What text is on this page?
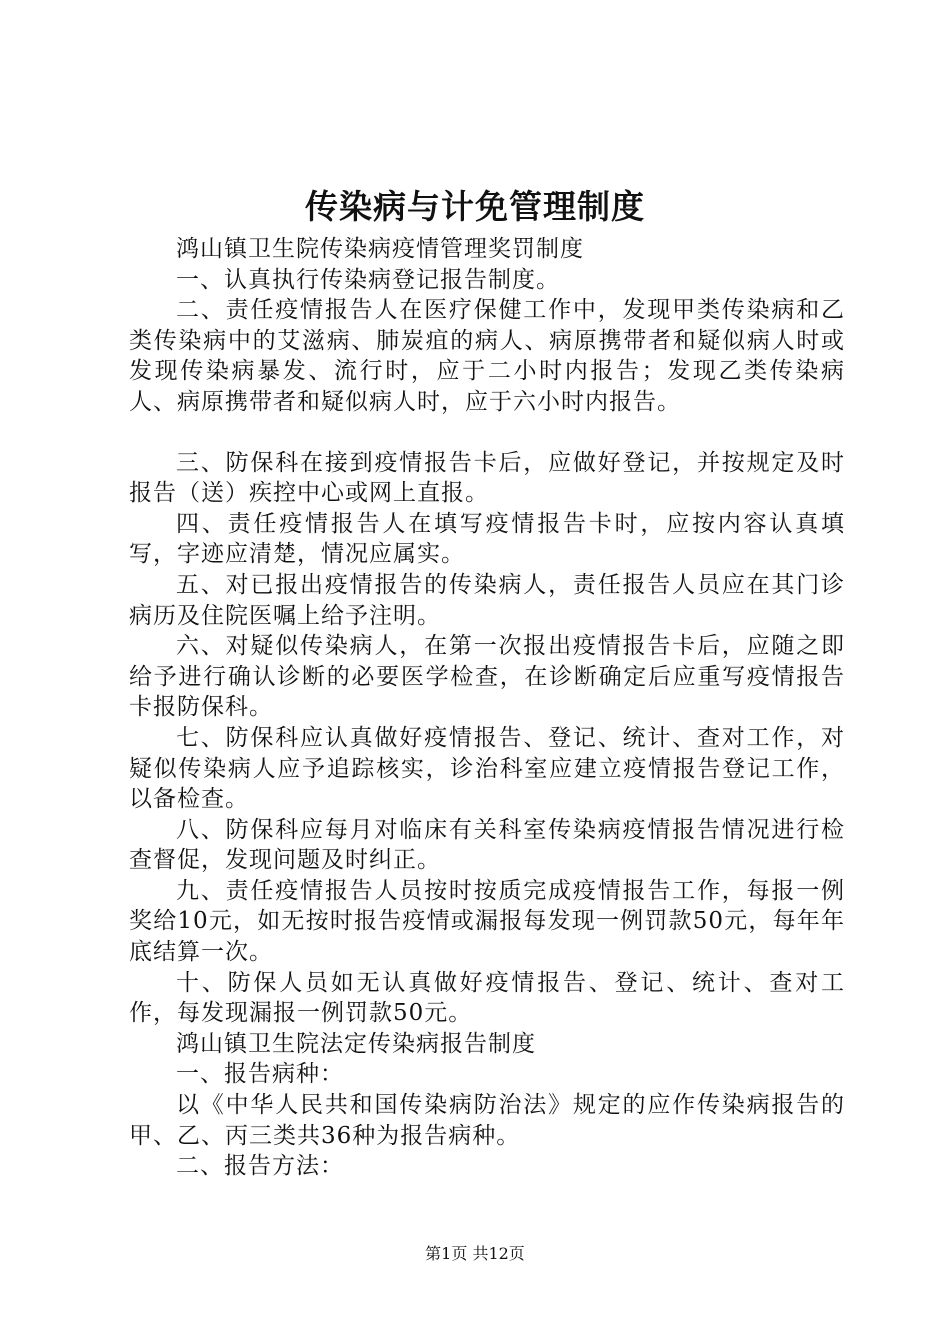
传染病与计免管理制度

鸿山镇卫生院传染病疫情管理奖罚制度

一、认真执行传染病登记报告制度。

二、责任疫情报告人在医疗保健工作中，发现甲类传染病和乙类传染病中的艾滋病、肺炭疽的病人、病原携带者和疑似病人时或发现传染病暴发、流行时，应于二小时内报告；发现乙类传染病人、病原携带者和疑似病人时，应于六小时内报告。

三、防保科在接到疫情报告卡后，应做好登记，并按规定及时报告（送）疾控中心或网上直报。

四、责任疫情报告人在填写疫情报告卡时，应按内容认真填写，字迹应清楚，情况应属实。

五、对已报出疫情报告的传染病人，责任报告人员应在其门诊病历及住院医嘱上给予注明。

六、对疑似传染病人，在第一次报出疫情报告卡后，应随之即给予进行确认诊断的必要医学检查，在诊断确定后应重写疫情报告卡报防保科。

七、防保科应认真做好疫情报告、登记、统计、查对工作，对疑似传染病人应予追踪核实，诊治科室应建立疫情报告登记工作，以备检查。

八、防保科应每月对临床有关科室传染病疫情报告情况进行检查督促，发现问题及时纠正。

九、责任疫情报告人员按时按质完成疫情报告工作，每报一例奖给10元，如无按时报告疫情或漏报每发现一例罚款50元，每年年底结算一次。

十、防保人员如无认真做好疫情报告、登记、统计、查对工作，每发现漏报一例罚款50元。

鸿山镇卫生院法定传染病报告制度

一、报告病种：

以《中华人民共和国传染病防治法》规定的应作传染病报告的甲、乙、丙三类共36种为报告病种。

二、报告方法：

第1页 共12页
